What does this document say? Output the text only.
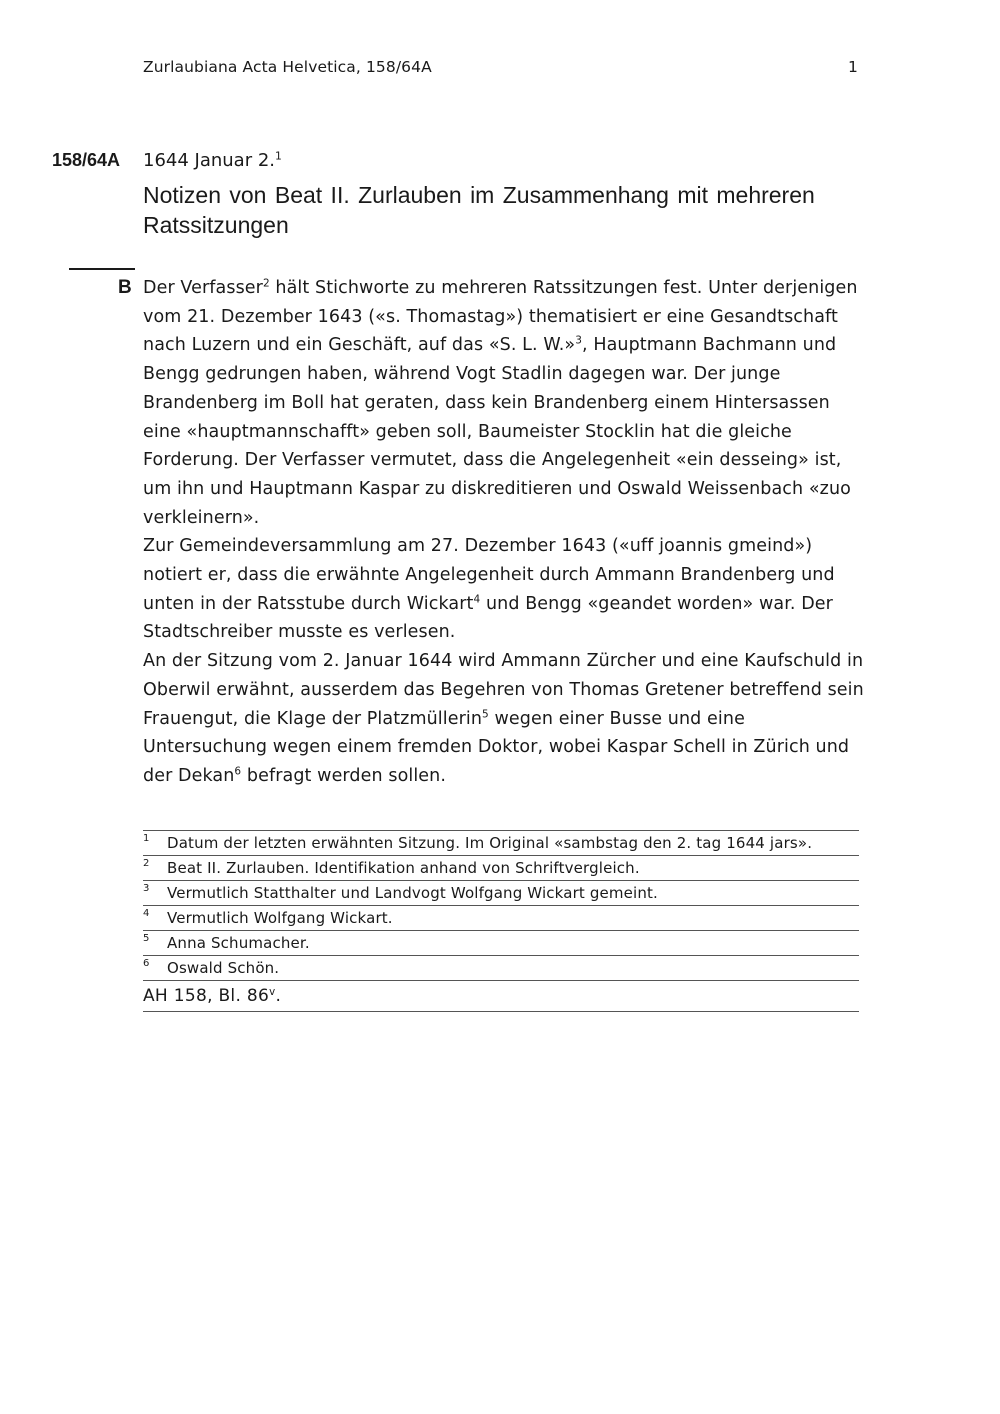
Zurlaubiana Acta Helvetica, 158/64A	1
158/64A 1644 Januar 2.$^1$
Notizen von Beat II. Zurlauben im Zusammenhang mit mehreren Ratssitzungen
B Der Verfasser$^2$ hält Stichworte zu mehreren Ratssitzungen fest. Unter derjenigen vom 21. Dezember 1643 («s. Thomastag») thematisiert er eine Gesandtschaft nach Luzern und ein Geschäft, auf das «S. L. W.»$^3$, Hauptmann Bachmann und Bengg gedrungen haben, während Vogt Stadlin dagegen war. Der junge Brandenberg im Boll hat geraten, dass kein Brandenberg einem Hintersassen eine «hauptmannschafft» geben soll, Baumeister Stocklin hat die gleiche Forderung. Der Verfasser vermutet, dass die Angelegenheit «ein desseing» ist, um ihn und Hauptmann Kaspar zu diskreditieren und Oswald Weissenbach «zuo verkleinern».

Zur Gemeindeversammlung am 27. Dezember 1643 («uff joannis gmeind») notiert er, dass die erwähnte Angelegenheit durch Ammann Brandenberg und unten in der Ratsstube durch Wickart$^4$ und Bengg «geandet worden» war. Der Stadtschreiber musste es verlesen.

An der Sitzung vom 2. Januar 1644 wird Ammann Zürcher und eine Kaufschuld in Oberwil erwähnt, ausserdem das Begehren von Thomas Gretener betreffend sein Frauengut, die Klage der Platzmüllerin$^5$ wegen einer Busse und eine Untersuchung wegen einem fremden Doktor, wobei Kaspar Schell in Zürich und der Dekan$^6$ befragt werden sollen.

1 Datum der letzten erwähnten Sitzung. Im Original «sambstag den 2. tag 1644 jars».
2 Beat II. Zurlauben. Identifikation anhand von Schriftvergleich.
3 Vermutlich Statthalter und Landvogt Wolfgang Wickart gemeint.
4 Vermutlich Wolfgang Wickart.
5 Anna Schumacher.
6 Oswald Schön.
AH 158, Bl. 86$^v$.
